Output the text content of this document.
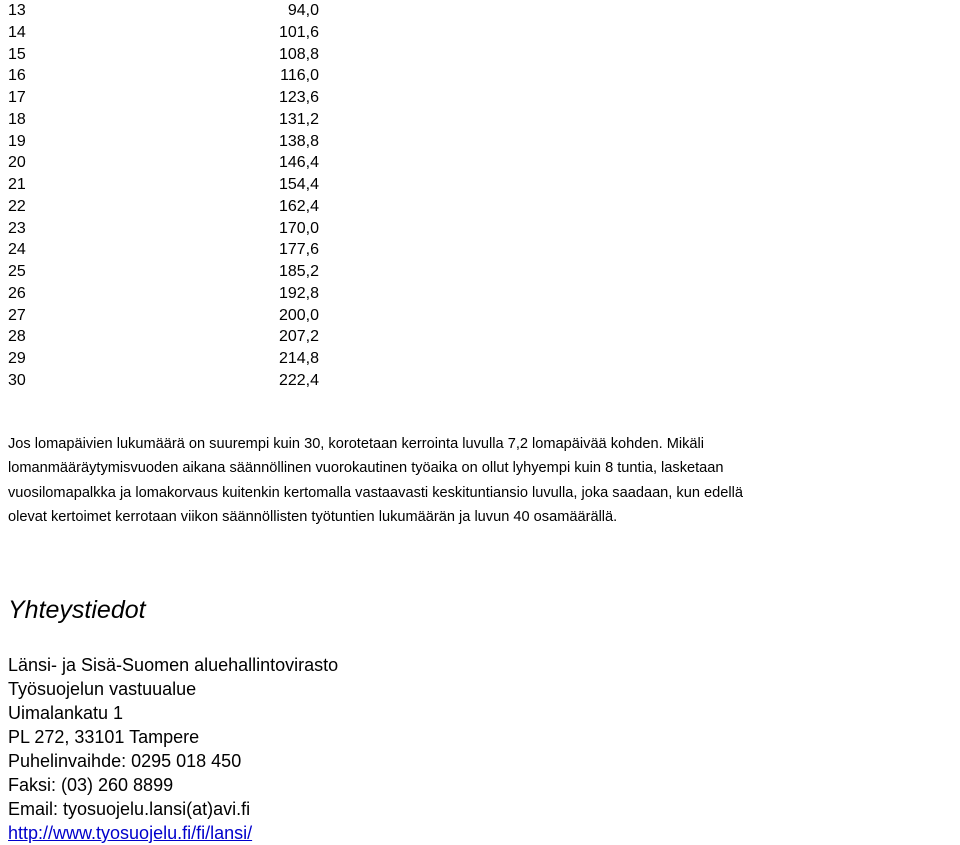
13	94,0
14	101,6
15	108,8
16	116,0
17	123,6
18	131,2
19	138,8
20	146,4
21	154,4
22	162,4
23	170,0
24	177,6
25	185,2
26	192,8
27	200,0
28	207,2
29	214,8
30	222,4
Jos lomapäivien lukumäärä on suurempi kuin 30, korotetaan kerrointa luvulla 7,2 lomapäivää kohden. Mikäli
lomanmääräytymisvuoden aikana säännöllinen vuorokautinen työaika on ollut lyhyempi kuin 8 tuntia, lasketaan
vuosilomapalkka ja lomakorvaus kuitenkin kertomalla vastaavasti keskituntiansio luvulla, joka saadaan, kun edellä
olevat kertoimet kerrotaan viikon säännöllisten työtuntien lukumäärän ja luvun 40 osamäärällä.
Yhteystiedot
Länsi- ja Sisä-Suomen aluehallintovirasto
Työsuojelun vastuualue
Uimalankatu 1
PL 272, 33101 Tampere
Puhelinvaihde: 0295 018 450
Faksi: (03) 260 8899
Email: tyosuojelu.lansi(at)avi.fi
http://www.tyosuojelu.fi/fi/lansi/
